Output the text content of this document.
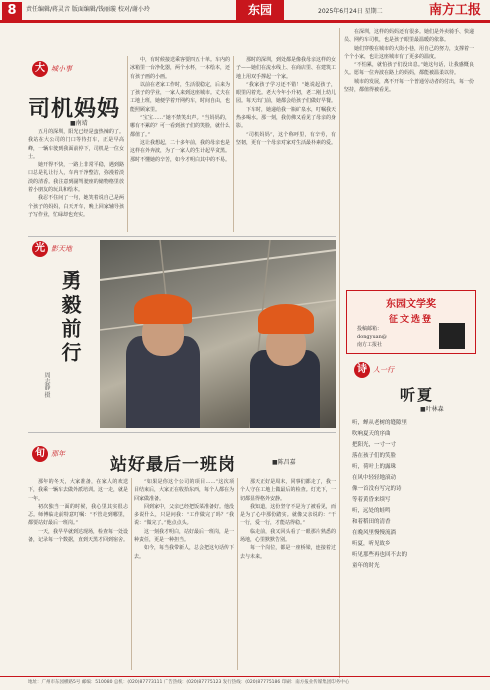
8	责任编辑/蒋灵音 版面编辑/钱丽璇 校对/谢小玲	东园	2025年6月24日 星期二	南方工报
大 城小事
司机妈妈
■南靖

五月的深圳，阳光已经是蛮热辣的了。我站在大公司的门口等待打车，正是早高峰，一辆车驶到我面前停下，司机是一位女士。

她开得不快，一路上非常平稳，遇到路口总是礼让行人，车内干净整洁，弥漫着淡淡的清香。我注意到副驾驶座的储物格里放着小朋友的玩具和绘本。

我忍不住问了一句，她笑着说自己是两个孩子的妈妈，白天开车，晚上回家辅导孩子写作业，忙碌却也充实。

中，有时候接送乘客要四五十单。车内的冰箱里一台净化器，两个水杯，一本绘本，还有孩子画的小画。

以前在老家工作时，生活很稳定，后来为了孩子的学业，一家人来到这座城市。丈夫在工地上班，她便学着开网约车，时间自由，也能照顾家里。

“宝宝……”她不禁笑出声。“当妈妈的，哪有不累的？可一看到孩子们的笑脸，就什么都值了。”

这让我想起，二十多年前，我的母亲也是这样在外奔波，为了一家人的生计起早贪黑。那时不懂她的辛苦，如今才明白其中的不易。

那时的深圳，到处都是像我母亲这样的女子——她们在流水线上、在商店里、在建筑工地上用双手撑起一个家。

“我家孩子学习还不错！”她说起孩子，眼里闪着光。老大今年小升初，老二刚上幼儿园。每天出门前，她都会给孩子们做好早餐。

下车时，她递给我一瓶矿泉水，叮嘱我天热多喝水。那一刻，我仿佛又看见了母亲的身影。

“司机妈妈”，这个称呼里，有辛劳，有坚韧，更有一个母亲对家对生活最朴素的爱。

在深圳，这样的妈妈还有很多。她们是外卖骑手、快递员、网约车司机，也是孩子眼里最温暖的依靠。

她们穿梭在城市的大街小巷，用自己的努力，支撑着一个个小家，也让这座城市有了更多的温度。

“不怕累，就怕孩子们没出息。”她这句话，让我感慨良久。愿每一位奔波在路上的妈妈，都能被温柔以待。

城市的发展，离不开每一个普通劳动者的付出，每一份坚持，都值得被看见。

光 影天地
勇毅前行
周志静 摄
东园文学奖
征文选登
投稿邮箱：
dongyuan@
南方工报社
旬 那年
站好最后一班岗	■陈昌嘉

那年的冬天，大家准备，在家人的欢送下，我乘一辆车去做外派培训。这一走，就是一年。

初次独当一面的时候，我心里其实很忐忑。师傅临走前特意叮嘱：“不管走到哪里，都要站好最后一班岗。”

一天，我早早就到达现场，检查每一处设备，记录每一个数据，直到天黑才回到宿舍。

“如果是你这个公司的项目……”这次项目结束后，大家正在收拾东西，每个人都在为回家做准备。

回到家中，父亲已经把饭菜准备好。他没多说什么，只是问我：“工作做完了吗？”我说：“做完了。”他点点头。

这一刻我才明白，站好最后一班岗，是一种责任，更是一种担当。

如今，每当我带新人，总会把这句话传下去。

那天正好是周末，同事们都走了，我一个人守在工地上做最后的检查。灯光下，一切都显得格外安静。

我知道，这份坚守不是为了被看见，而是为了心中那份踏实。就像父亲说的：“干一行，爱一行，才能站得稳。”

临走前，我又回头看了一眼那片熟悉的场地，心里默默告别。

每一个岗位，都是一座桥梁，连接着过去与未来。

诗 人一行
听夏
■叶林森
听，蝉从老树的缝隙里
吹响夏天的序曲
把阳光，一寸一寸
落在孩子们的笑脸
听，荷叶上的露珠
在风中轻轻地滚动
像一首没有写完的诗
等着黄昏来续写
听，远处的蛙鸣
和着稻田的清香
在晚风里慢慢流淌
听夏，听见故乡
听见那些再也回不去的
童年的时光
地址：广州市东园横路5号 邮编：510080 总机：(020)87773111 广告热线：(020)87775123 发行热线：(020)87775186 印刷：南方报业传媒集团印务中心
